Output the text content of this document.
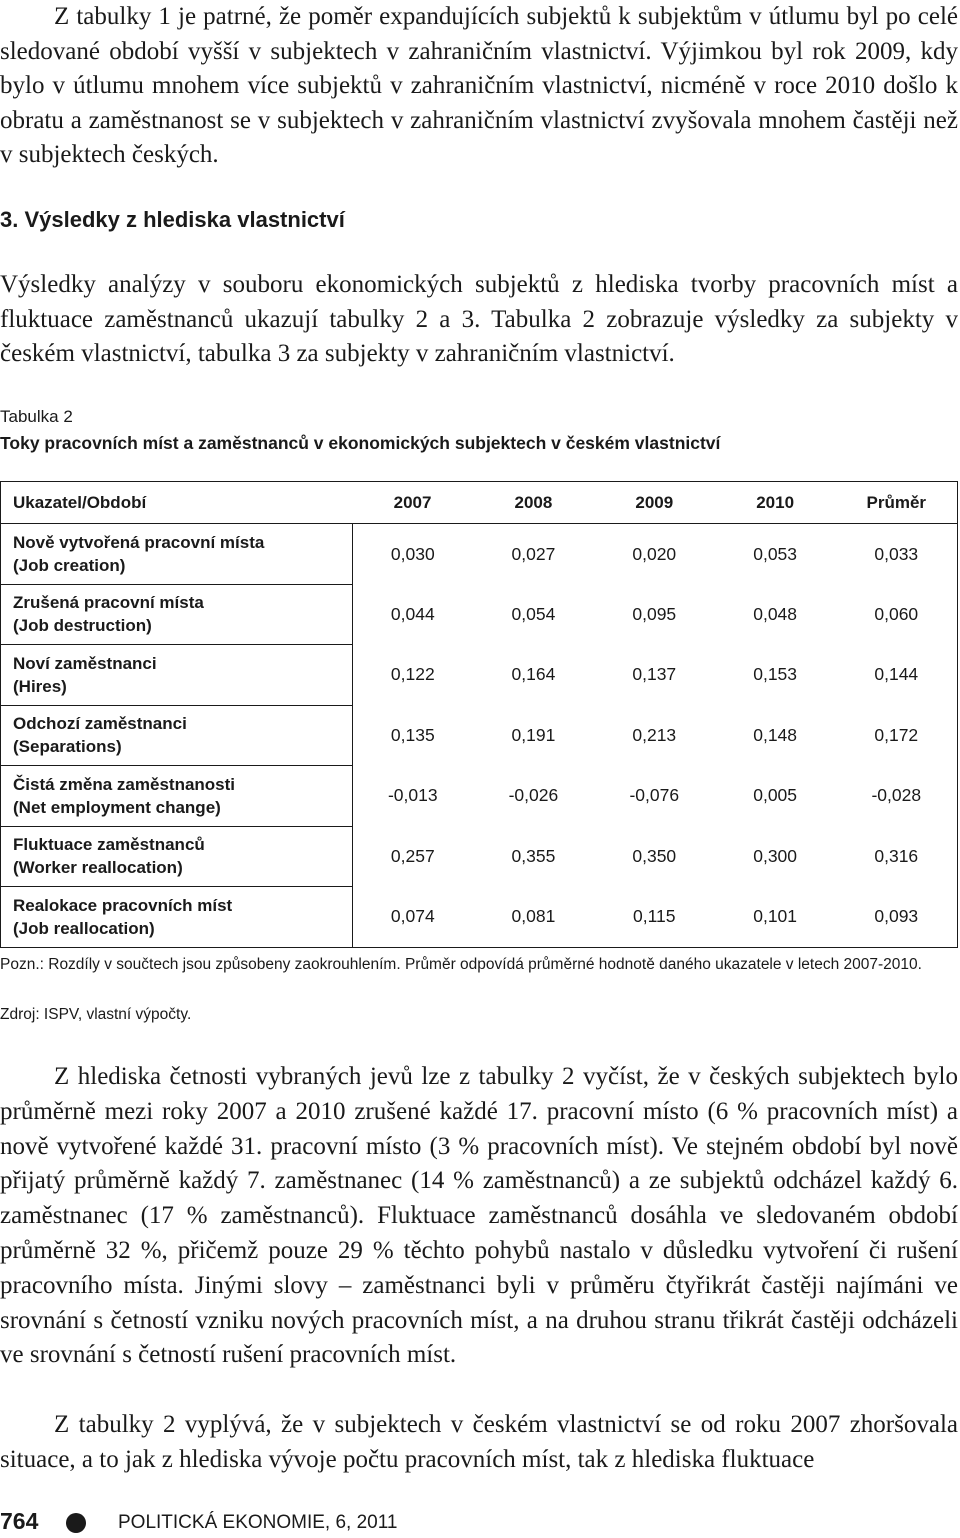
Z tabulky 1 je patrné, že poměr expandujících subjektů k subjektům v útlumu byl po celé sledované období vyšší v subjektech v zahraničním vlastnictví. Výjimkou byl rok 2009, kdy bylo v útlumu mnohem více subjektů v zahraničním vlastnictví, nicméně v roce 2010 došlo k obratu a zaměstnanost se v subjektech v zahraničním vlastnictví zvyšovala mnohem častěji než v subjektech českých.

3. Výsledky z hlediska vlastnictví

Výsledky analýzy v souboru ekonomických subjektů z hlediska tvorby pracovních míst a fluktuace zaměstnanců ukazují tabulky 2 a 3. Tabulka 2 zobrazuje výsledky za subjekty v českém vlastnictví, tabulka 3 za subjekty v zahraničním vlastnictví.

Tabulka 2
Toky pracovních míst a zaměstnanců v ekonomických subjektech v českém vlastnictví
Ukazatel/Období	2007	2008	2009	2010	Průměr
Nově vytvořená pracovní místa
(Job creation)	0,030	0,027	0,020	0,053	0,033
Zrušená pracovní místa
(Job destruction)	0,044	0,054	0,095	0,048	0,060
Noví zaměstnanci
(Hires)	0,122	0,164	0,137	0,153	0,144
Odchozí zaměstnanci
(Separations)	0,135	0,191	0,213	0,148	0,172
Čistá změna zaměstnanosti
(Net employment change)	-0,013	-0,026	-0,076	0,005	-0,028
Fluktuace zaměstnanců
(Worker reallocation)	0,257	0,355	0,350	0,300	0,316
Realokace pracovních míst
(Job reallocation)	0,074	0,081	0,115	0,101	0,093

Pozn.: Rozdíly v součtech jsou způsobeny zaokrouhlením. Průměr odpovídá průměrné hodnotě daného ukazatele v letech 2007-2010.

Zdroj: ISPV, vlastní výpočty.

Z hlediska četnosti vybraných jevů lze z tabulky 2 vyčíst, že v českých subjektech bylo průměrně mezi roky 2007 a 2010 zrušené každé 17. pracovní místo (6 % pracovních míst) a nově vytvořené každé 31. pracovní místo (3 % pracovních míst). Ve stejném období byl nově přijatý průměrně každý 7. zaměstnanec (14 % zaměstnanců) a ze subjektů odcházel každý 6. zaměstnanec (17 % zaměstnanců). Fluktuace zaměstnanců dosáhla ve sledovaném období průměrně 32 %, přičemž pouze 29 % těchto pohybů nastalo v důsledku vytvoření či rušení pracovního místa. Jinými slovy – zaměstnanci byli v průměru čtyřikrát častěji najímáni ve srovnání s četností vzniku nových pracovních míst, a na druhou stranu třikrát častěji odcházeli ve srovnání s četností rušení pracovních míst.

Z tabulky 2 vyplývá, že v subjektech v českém vlastnictví se od roku 2007 zhoršovala situace, a to jak z hlediska vývoje počtu pracovních míst, tak z hlediska fluktuace

764	POLITICKÁ EKONOMIE, 6, 2011
